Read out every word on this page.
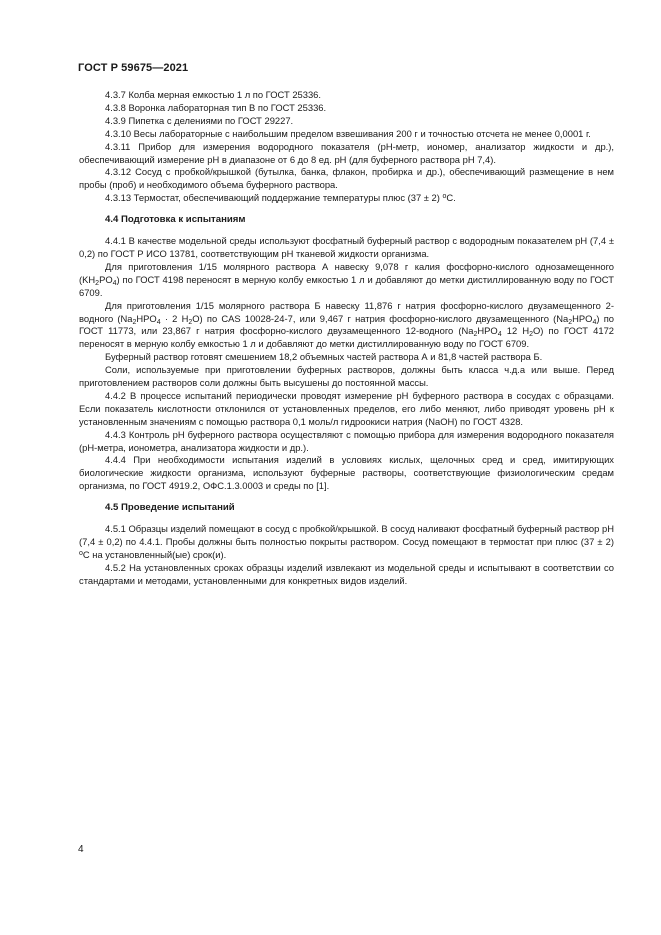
ГОСТ Р 59675—2021

4.3.7 Колба мерная емкостью 1 л по ГОСТ 25336.

4.3.8 Воронка лабораторная тип В по ГОСТ 25336.

4.3.9 Пипетка с делениями по ГОСТ 29227.

4.3.10 Весы лабораторные с наибольшим пределом взвешивания 200 г и точностью отсчета не менее 0,0001 г.

4.3.11 Прибор для измерения водородного показателя (pH-метр, иономер, анализатор жидкости и др.), обеспечивающий измерение pH в диапазоне от 6 до 8 ед. pH (для буферного раствора pH 7,4).

4.3.12 Сосуд с пробкой/крышкой (бутылка, банка, флакон, пробирка и др.), обеспечивающий размещение в нем пробы (проб) и необходимого объема буферного раствора.

4.3.13 Термостат, обеспечивающий поддержание температуры плюс (37 ± 2) $^о$С.

4.4 Подготовка к испытаниям

4.4.1 В качестве модельной среды используют фосфатный буферный раствор с водородным показателем pH (7,4 ± 0,2) по ГОСТ Р ИСО 13781, соответствующим pH тканевой жидкости организма.

Для приготовления 1/15 молярного раствора А навеску 9,078 г калия фосфорно-кислого однозамещенного $(KH_2PO_4)$ по ГОСТ 4198 переносят в мерную колбу емкостью 1 л и добавляют до метки дистиллированную воду по ГОСТ 6709.

Для приготовления 1/15 молярного раствора Б навеску 11,876 г натрия фосфорно-кислого двузамещенного 2-водного ($Na_2HPO_4 \cdot 2$ $H_2O$) по CAS 10028-24-7, или 9,467 г натрия фосфорно-кислого двузамещенного $(Na_2HPO_4)$ по ГОСТ 11773, или 23,867 г натрия фосфорно-кислого двузамещенного 12-водного ($Na_2HPO_4$ 12 $H_2O$) по ГОСТ 4172 переносят в мерную колбу емкостью 1 л и добавляют до метки дистиллированную воду по ГОСТ 6709.

Буферный раствор готовят смешением 18,2 объемных частей раствора А и 81,8 частей раствора Б.

Соли, используемые при приготовлении буферных растворов, должны быть класса ч.д.а или выше. Перед приготовлением растворов соли должны быть высушены до постоянной массы.

4.4.2 В процессе испытаний периодически проводят измерение pH буферного раствора в сосудах с образцами. Если показатель кислотности отклонился от установленных пределов, его либо меняют, либо приводят уровень pH к установленным значениям с помощью раствора 0,1 моль/л гидроокиси натрия (NaOH) по ГОСТ 4328.

4.4.3 Контроль pH буферного раствора осуществляют с помощью прибора для измерения водородного показателя (pH-метра, ионометра, анализатора жидкости и др.).

4.4.4 При необходимости испытания изделий в условиях кислых, щелочных сред и сред, имитирующих биологические жидкости организма, используют буферные растворы, соответствующие физиологическим средам организма, по ГОСТ 4919.2, ОФС.1.3.0003 и среды по [1].

4.5 Проведение испытаний

4.5.1 Образцы изделий помещают в сосуд с пробкой/крышкой. В сосуд наливают фосфатный буферный раствор pH (7,4 ± 0,2) по 4.4.1. Пробы должны быть полностью покрыты раствором. Сосуд помещают в термостат при плюс (37 ± 2) $^о$С на установленный(ые) срок(и).

4.5.2 На установленных сроках образцы изделий извлекают из модельной среды и испытывают в соответствии со стандартами и методами, установленными для конкретных видов изделий.

4
